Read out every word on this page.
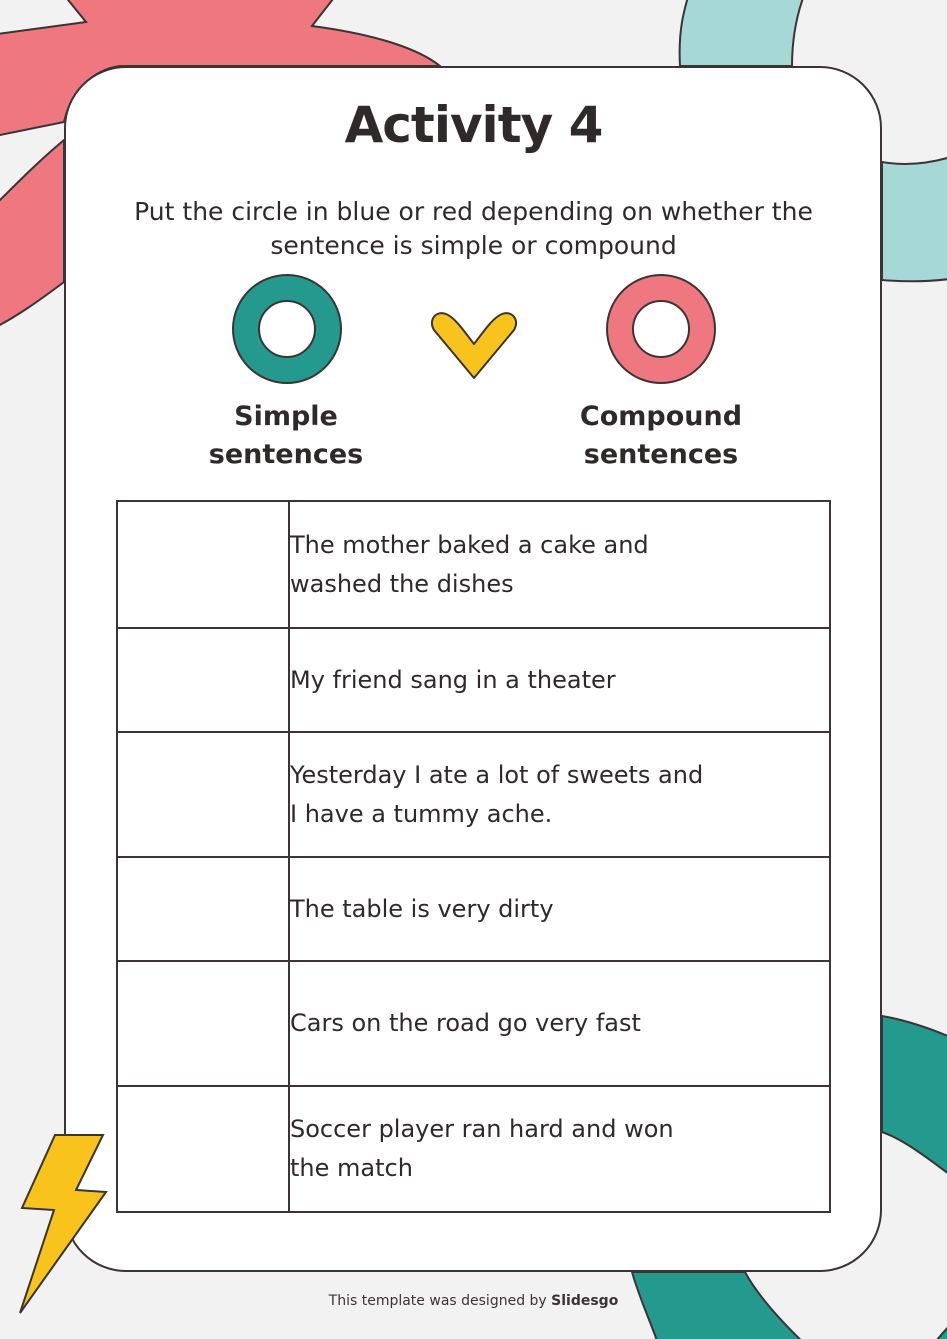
Activity 4
Put the circle in blue or red depending on whether the sentence is simple or compound
Simple
sentences
Compound
sentences

	The mother baked a cake and
washed the dishes

	My friend sang in a theater

	Yesterday I ate a lot of sweets and
I have a tummy ache.

	The table is very dirty

	Cars on the road go very fast

	Soccer player ran hard and won
the match
This template was designed by Slidesgo
